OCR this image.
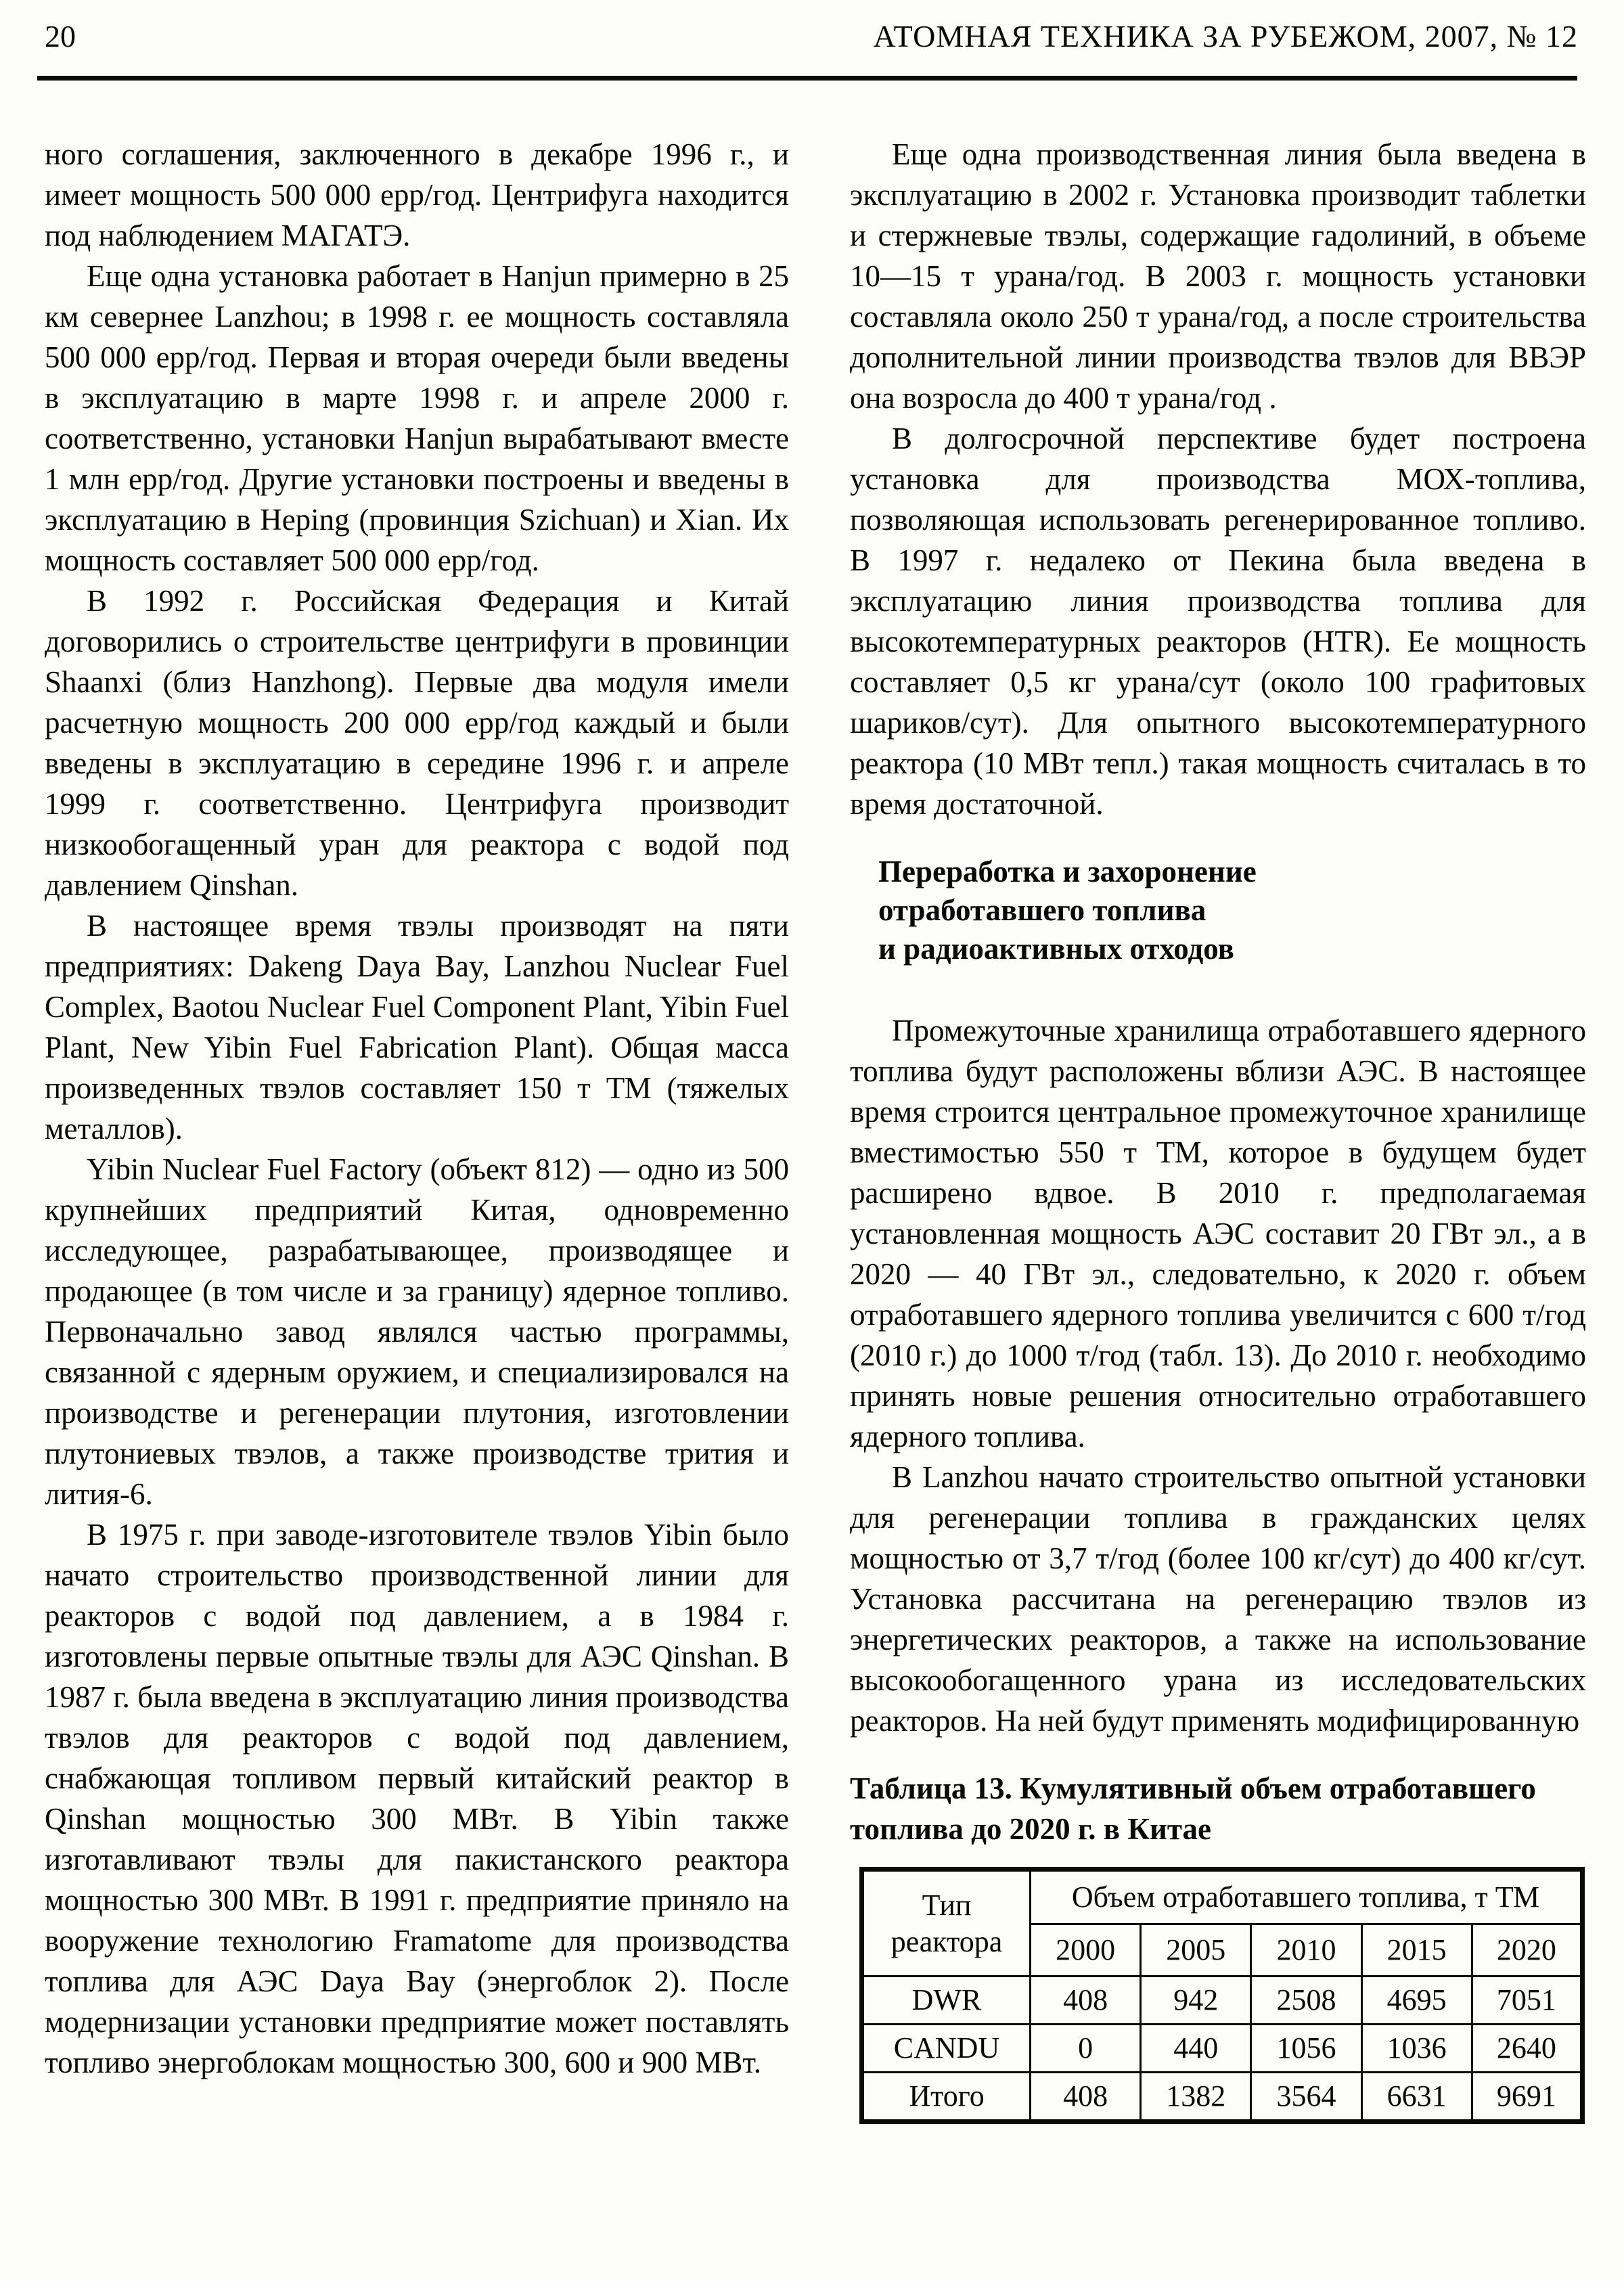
20	АТОМНАЯ ТЕХНИКА ЗА РУБЕЖОМ, 2007, № 12

ного соглашения, заключенного в декабре 1996 г., и имеет мощность 500 000 epp/год. Центрифуга находится под наблюдением МАГАТЭ.

Еще одна установка работает в Hanjun примерно в 25 км севернее Lanzhou; в 1998 г. ее мощность составляла 500 000 epp/год. Первая и вторая очереди были введены в эксплуатацию в марте 1998 г. и апреле 2000 г. соответственно, установки Hanjun вырабатывают вместе 1 млн epp/год. Другие установки построены и введены в эксплуатацию в Heping (провинция Szichuan) и Xian. Их мощность составляет 500 000 epp/год.

В 1992 г. Российская Федерация и Китай договорились о строительстве центрифуги в провинции Shaanxi (близ Hanzhong). Первые два модуля имели расчетную мощность 200 000 epp/год каждый и были введены в эксплуатацию в середине 1996 г. и апреле 1999 г. соответственно. Центрифуга производит низкообогащенный уран для реактора с водой под давлением Qinshan.

В настоящее время твэлы производят на пяти предприятиях: Dakeng Daya Bay, Lanzhou Nuclear Fuel Complex, Baotou Nuclear Fuel Component Plant, Yibin Fuel Plant, New Yibin Fuel Fabrication Plant). Общая масса произведенных твэлов составляет 150 т ТМ (тяжелых металлов).

Yibin Nuclear Fuel Factory (объект 812) — одно из 500 крупнейших предприятий Китая, одновременно исследующее, разрабатывающее, производящее и продающее (в том числе и за границу) ядерное топливо. Первоначально завод являлся частью программы, связанной с ядерным оружием, и специализировался на производстве и регенерации плутония, изготовлении плутониевых твэлов, а также производстве трития и лития-6.

В 1975 г. при заводе-изготовителе твэлов Yibin было начато строительство производственной линии для реакторов с водой под давлением, а в 1984 г. изготовлены первые опытные твэлы для АЭС Qinshan. В 1987 г. была введена в эксплуатацию линия производства твэлов для реакторов с водой под давлением, снабжающая топливом первый китайский реактор в Qinshan мощностью 300 МВт. В Yibin также изготавливают твэлы для пакистанского реактора мощностью 300 МВт. В 1991 г. предприятие приняло на вооружение технологию Framatome для производства топлива для АЭС Daya Bay (энергоблок 2). После модернизации установки предприятие может поставлять топливо энергоблокам мощностью 300, 600 и 900 МВт.

Еще одна производственная линия была введена в эксплуатацию в 2002 г. Установка производит таблетки и стержневые твэлы, содержащие гадолиний, в объеме 10—15 т урана/год. В 2003 г. мощность установки составляла около 250 т урана/год, а после строительства дополнительной линии производства твэлов для ВВЭР она возросла до 400 т урана/год .

В долгосрочной перспективе будет построена установка для производства МОХ-топлива, позволяющая использовать регенерированное топливо. В 1997 г. недалеко от Пекина была введена в эксплуатацию линия производства топлива для высокотемпературных реакторов (HTR). Ее мощность составляет 0,5 кг урана/сут (около 100 графитовых шариков/сут). Для опытного высокотемпературного реактора (10 МВт тепл.) такая мощность считалась в то время достаточной.

Переработка и захоронение
отработавшего топлива
и радиоактивных отходов

Промежуточные хранилища отработавшего ядерного топлива будут расположены вблизи АЭС. В настоящее время строится центральное промежуточное хранилище вместимостью 550 т ТМ, которое в будущем будет расширено вдвое. В 2010 г. предполагаемая установленная мощность АЭС составит 20 ГВт эл., а в 2020 — 40 ГВт эл., следовательно, к 2020 г. объем отработавшего ядерного топлива увеличится с 600 т/год (2010 г.) до 1000 т/год (табл. 13). До 2010 г. необходимо принять новые решения относительно отработавшего ядерного топлива.

В Lanzhou начато строительство опытной установки для регенерации топлива в гражданских целях мощностью от 3,7 т/год (более 100 кг/сут) до 400 кг/сут. Установка рассчитана на регенерацию твэлов из энергетических реакторов, а также на использование высокообогащенного урана из исследовательских реакторов. На ней будут применять модифицированную

Таблица 13. Кумулятивный объем отработавшего топлива до 2020 г. в Китае
Тип реактора	Объем отработавшего топлива, т ТМ				
	2000	2005	2010	2015	2020
DWR	408	942	2508	4695	7051
CANDU	0	440	1056	1036	2640
Итого	408	1382	3564	6631	9691
